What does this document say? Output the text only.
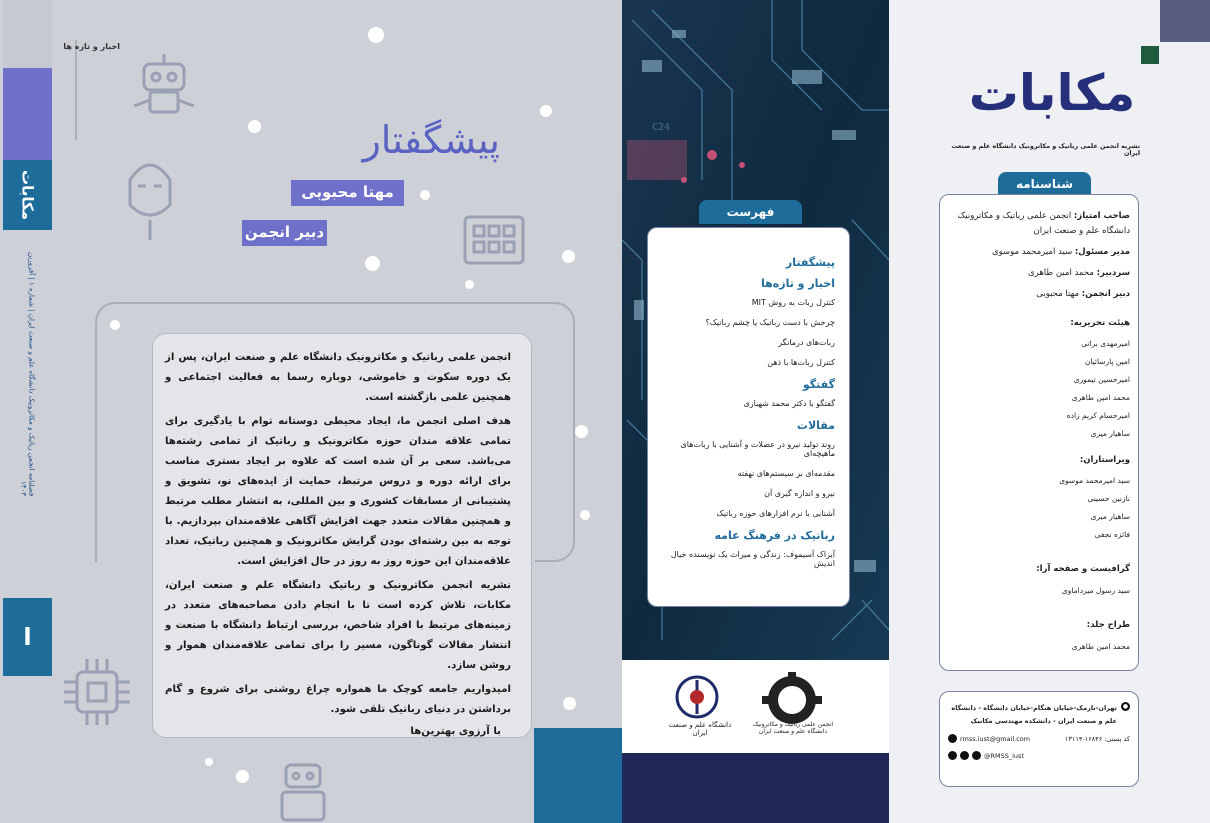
مکابات
فصلنامه انجمن رباتیک و مکاترونیک دانشگاه علم و صنعت ایران | شماره ۱ | آفرورین ۱۴۰۳
ا
اخبار و تازه ها
پیشگفتار
مهتا محبوبی
دبیر انجمن

انجمن علمی رباتیک و مکاترونیک دانشگاه علم و صنعت ایران، پس از یک دوره سکوت و خاموشی، دوباره رسما به فعالیت اجتماعی و همچنین علمی بازگشته است.

هدف اصلی انجمن ما، ایجاد محیطی دوستانه توام با یادگیری برای تمامی علاقه مندان حوزه مکاترونیک و رباتیک از تمامی رشته‌ها می‌باشد. سعی بر آن شده است که علاوه بر ایجاد بستری مناسب برای ارائه دوره و دروس مرتبط، حمایت از ایده‌های نو، تشویق و پشتیبانی از مسابقات کشوری و بین المللی، به انتشار مطلب مرتبط و همچنین مقالات متعدد جهت افزایش آگاهی علاقه‌مندان بپردازیم. با توجه به بین رشته‌ای بودن گرایش مکاترونیک و همچنین رباتیک، تعداد علاقه‌مندان این حوزه روز به روز در حال افزایش است.

نشریه انجمن مکاترونیک و رباتیک دانشگاه علم و صنعت ایران، مکابات، تلاش کرده است تا با انجام دادن مصاحبه‌های متعدد در زمینه‌های مرتبط با افراد شاخص، بررسی ارتباط دانشگاه با صنعت و انتشار مقالات گوناگون، مسیر را برای تمامی علاقه‌مندان هموار و روشن سازد.

امیدواریم جامعه کوچک ما همواره چراغ روشنی برای شروع و گام برداشتن در دنیای رباتیک تلقی شود.

با آرزوی بهترین‌ها

C24
فهرست
پیشگفتار
اخبار و تازه‌ها
کنترل ربات به روش MIT
چرخش با دست رباتیک یا چشم رباتیک؟
ربات‌های درمانگر
کنترل ربات‌ها با ذهن
گفتگو
گفتگو با دکتر محمد شهبازی
مقالات
روند تولید نیرو در عضلات و آشنایی با ربات‌های ماهیچه‌ای
مقدمه‌ای بر سیستم‌های نهفته
نیرو و اندازه گیری آن
آشنایی با نرم افزارهای حوزه رباتیک
رباتیک در فرهنگ عامه
آیزاک آسیموف: زندگی و میراث یک نویسنده خیال اندیش
انجمن علمی رباتیک و مکاترونیک دانشگاه علم و صنعت ایران
دانشگاه علم و صنعت ایران
مکابات
نشریه انجمن علمی رباتیک و مکاترونیک دانشگاه علم و صنعت ایران
شناسنامه
صاحب امتیاز: انجمن علمی رباتیک و مکاترونیک دانشگاه علم و صنعت ایران
مدیر مسئول: سید امیرمحمد موسوی
سردبیر: محمد امین طاهری
دبیر انجمن: مهتا محبوبی
هیئت تحریریه:
امیرمهدی براتی
امین پارسائیان
امیرحسین تیموری
محمد امین طاهری
امیرحسام کریم زاده
ساهیار میری
ویراستاران:
سید امیرمحمد موسوی
نازنین حسینی
ساهیار میری
فائزه نجفی
گرافیست و صفحه آرا:
سید رسول میرداماوی
طراح جلد:
محمد امین طاهری
●
تهران-نارمک-خیابان هنگام-خیابان دانشگاه - دانشگاه علم و صنعت ایران - دانشکده مهندسی مکانیک
rmss.iust@gmail.com	کد پستی: ۱۶۸۴۶-۱۳۱۱۴
@RMSS_iust
